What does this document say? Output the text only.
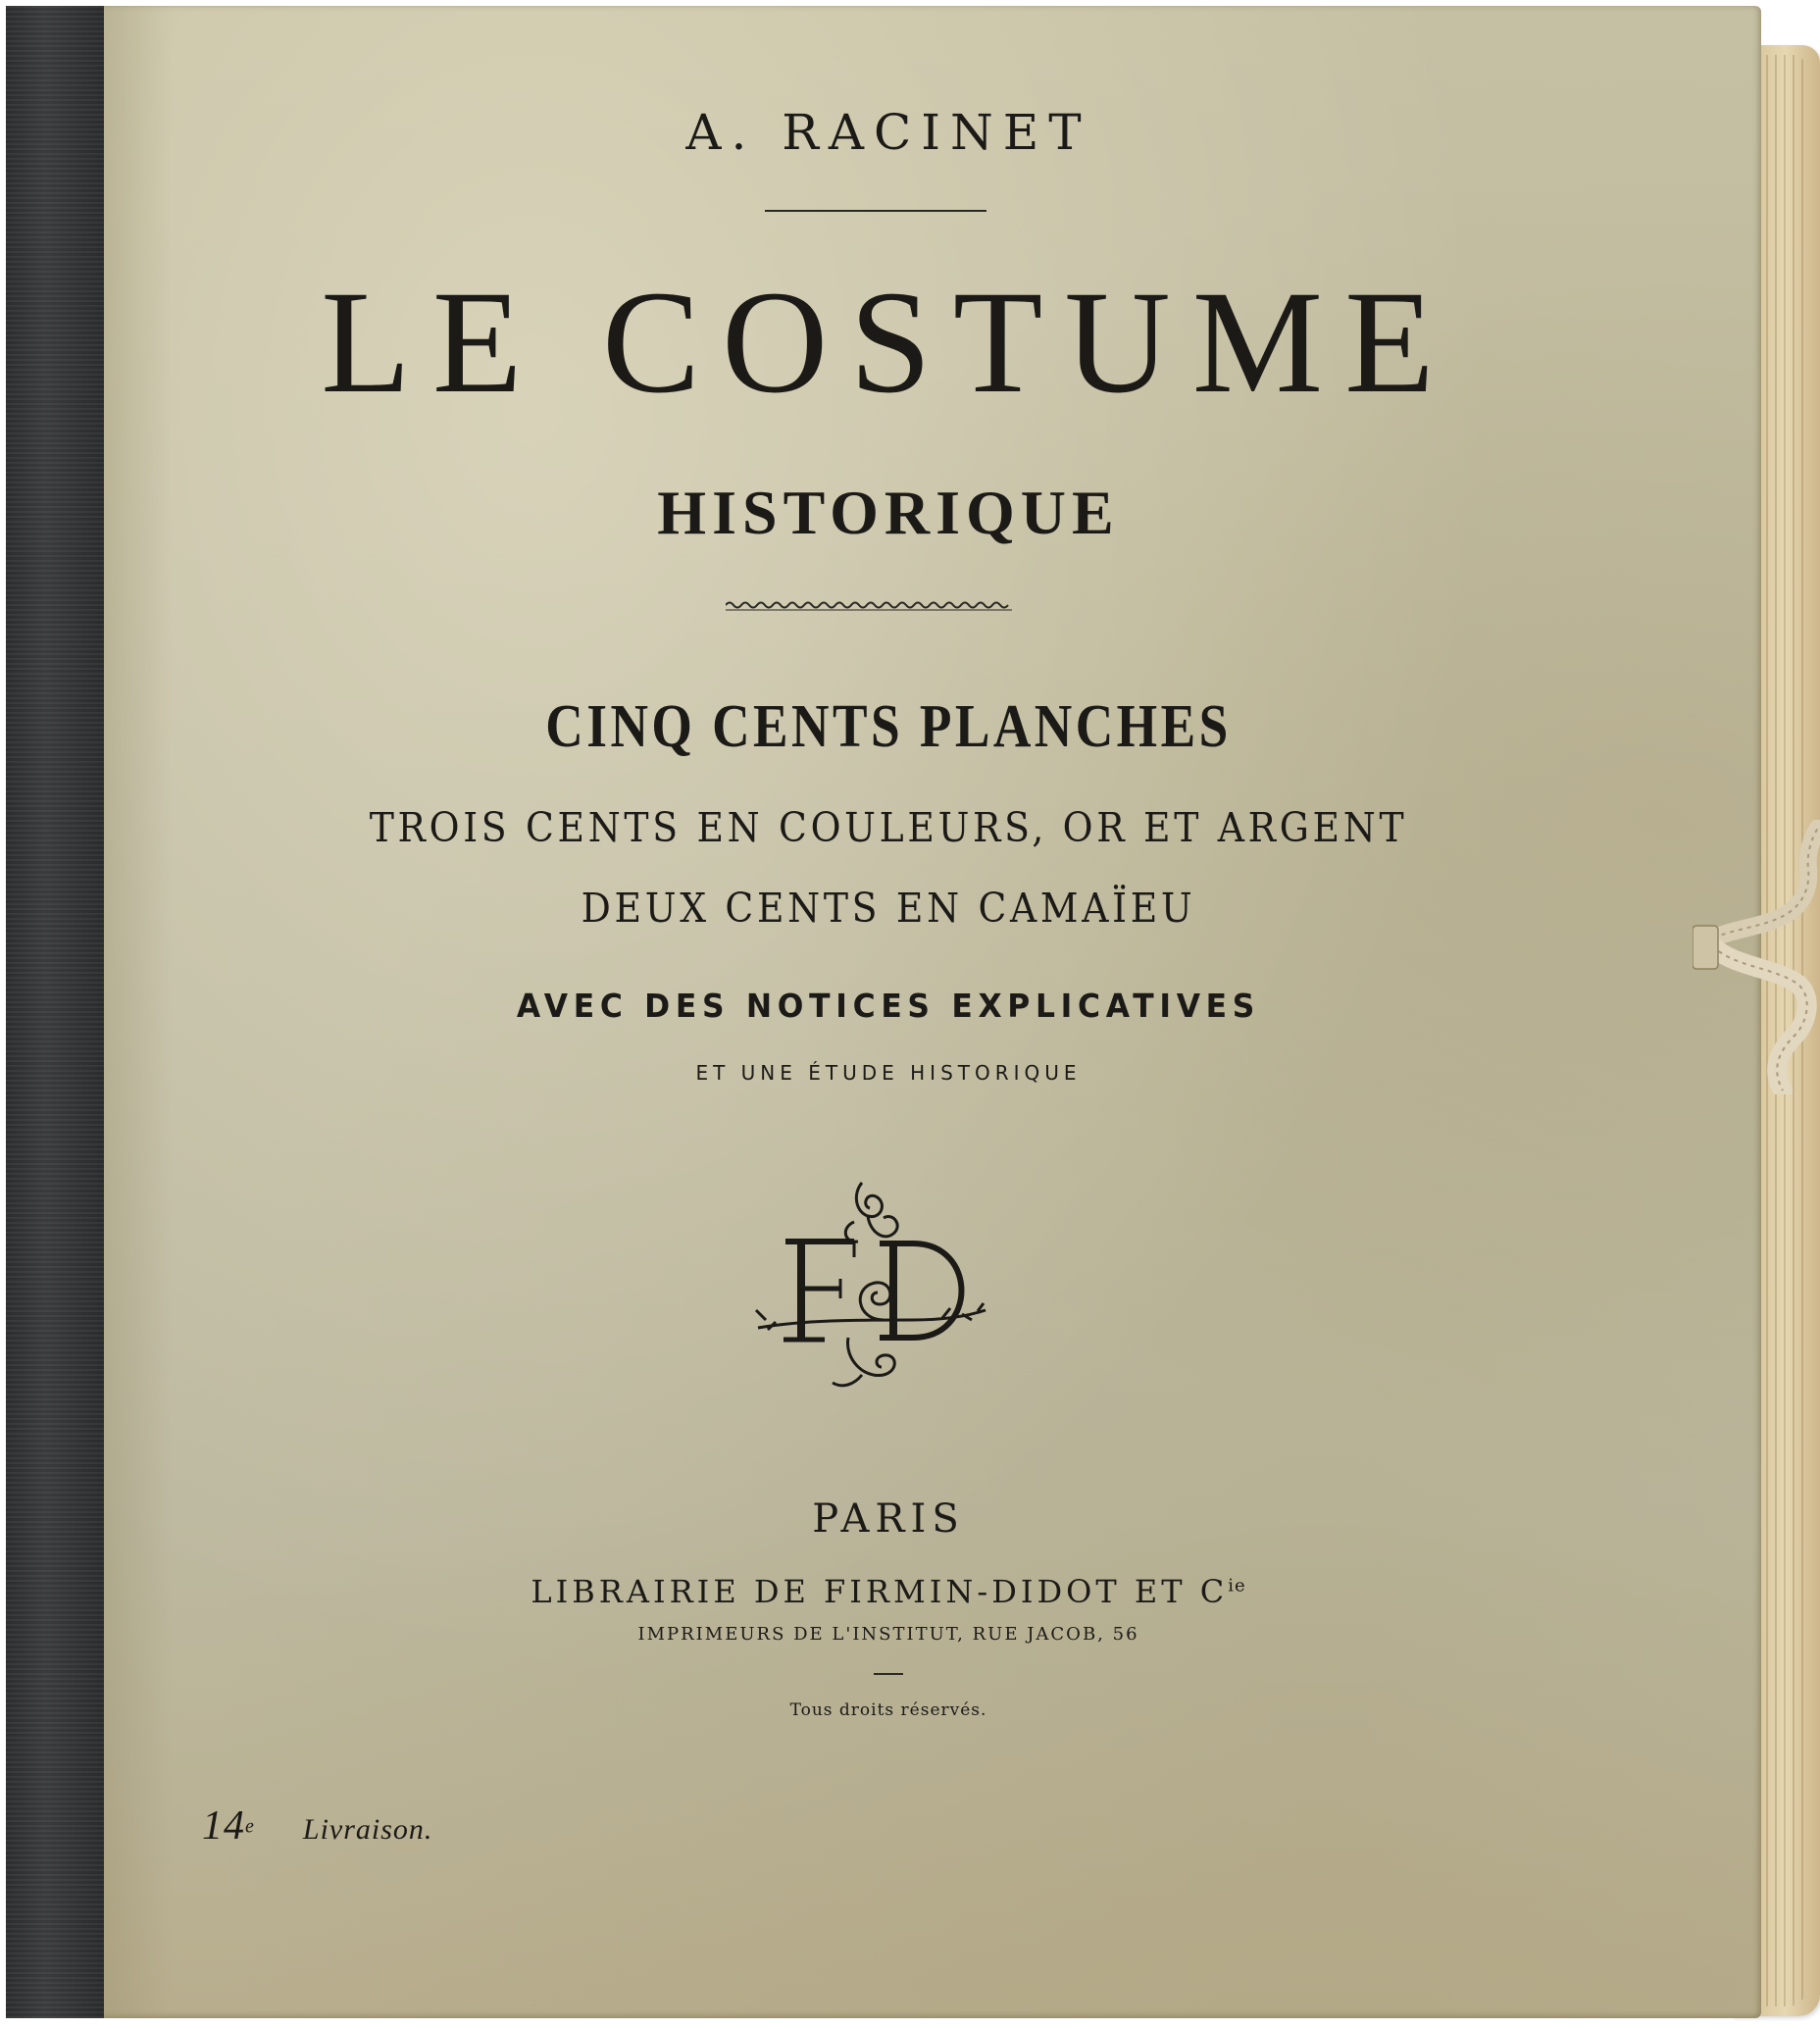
A. RACINET
LE COSTUME
HISTORIQUE
CINQ CENTS PLANCHES
TROIS CENTS EN COULEURS, OR ET ARGENT
DEUX CENTS EN CAMAÏEU
AVEC DES NOTICES EXPLICATIVES
ET UNE ÉTUDE HISTORIQUE
FD
PARIS
LIBRAIRIE DE FIRMIN-DIDOT ET $C^{ie}$
IMPRIMEURS DE L'INSTITUT, RUE JACOB, 56
Tous droits réservés.
14e Livraison.
